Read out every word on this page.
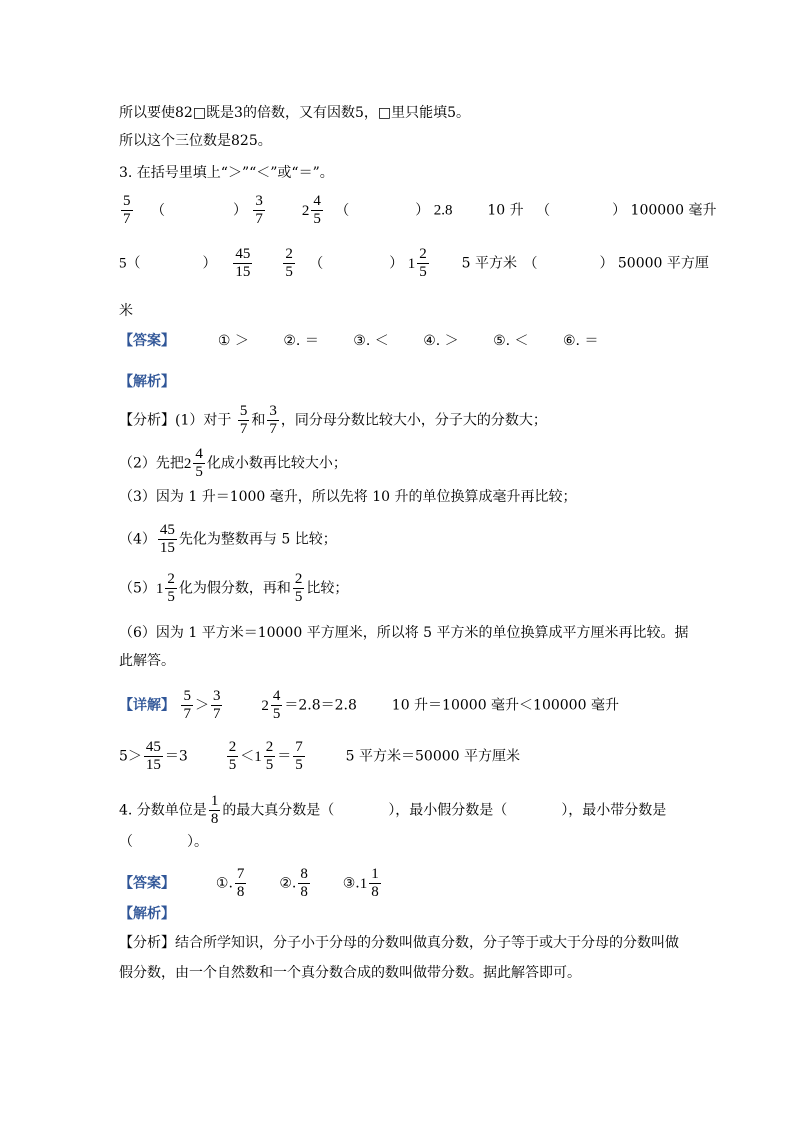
所以要使82□既是3的倍数，又有因数5，□里只能填5。
所以这个三位数是825。
3. 在括号里填上“＞”“＜”或“＝”。
$\frac{5}{7}$ （	） $\frac{3}{7}$
$2 \frac{4}{5}$ （	） 2.8 10 升 （	） 100000 毫升
5（	） $\frac{45}{15}$
$\frac{2}{5}$ （	） $1 \frac{2}{5} 5$ 平方米 （	） 50000 平方厘
米
【答案】	① ＞ ②. ＝ ③. ＜ ④. ＞ ⑤. ＜ ⑥. ＝
【解析】
【分析】(1）对于 $\frac{5}{7}$ 和 $\frac{3}{7}$ ，同分母分数比较大小，分子大的分数大；
（2）先把 $2 \frac{4}{5}$ 化成小数再比较大小；
（3）因为 1 升＝1000 毫升，所以先将 10 升的单位换算成毫升再比较；
$(4) \frac{45}{15}$ 先化为整数再与 5 比较；
（5） $1 \frac{2}{5}$ 化为假分数，再和 $\frac{2}{5}$ 比较；
（6）因为 1 平方米＝10000 平方厘米，所以将 5 平方米的单位换算成平方厘米再比较。据
此解答。
【详解】 $\frac{5}{7} > \frac{3}{7}$
	$2 \frac{4}{5} =2.8=2.8$ 10 升＝10000 毫升＜100000 毫升
$5> \frac{45}{15} =3$	$\frac{2}{5} < 1 \frac{2}{5} = \frac{7}{5}$	5 平方米＝50000 平方厘米
4. 分数单位是 $\frac{1}{8}$ 的最大真分数是（	），最小假分数是（	），最小带分数是
（	）。
【答案】	①. $\frac{7}{8}$ ②. $\frac{8}{8}$ ③. $1 \frac{1}{8}$
【解析】
【分析】结合所学知识，分子小于分母的分数叫做真分数，分子等于或大于分母的分数叫做
假分数，由一个自然数和一个真分数合成的数叫做带分数。据此解答即可。
